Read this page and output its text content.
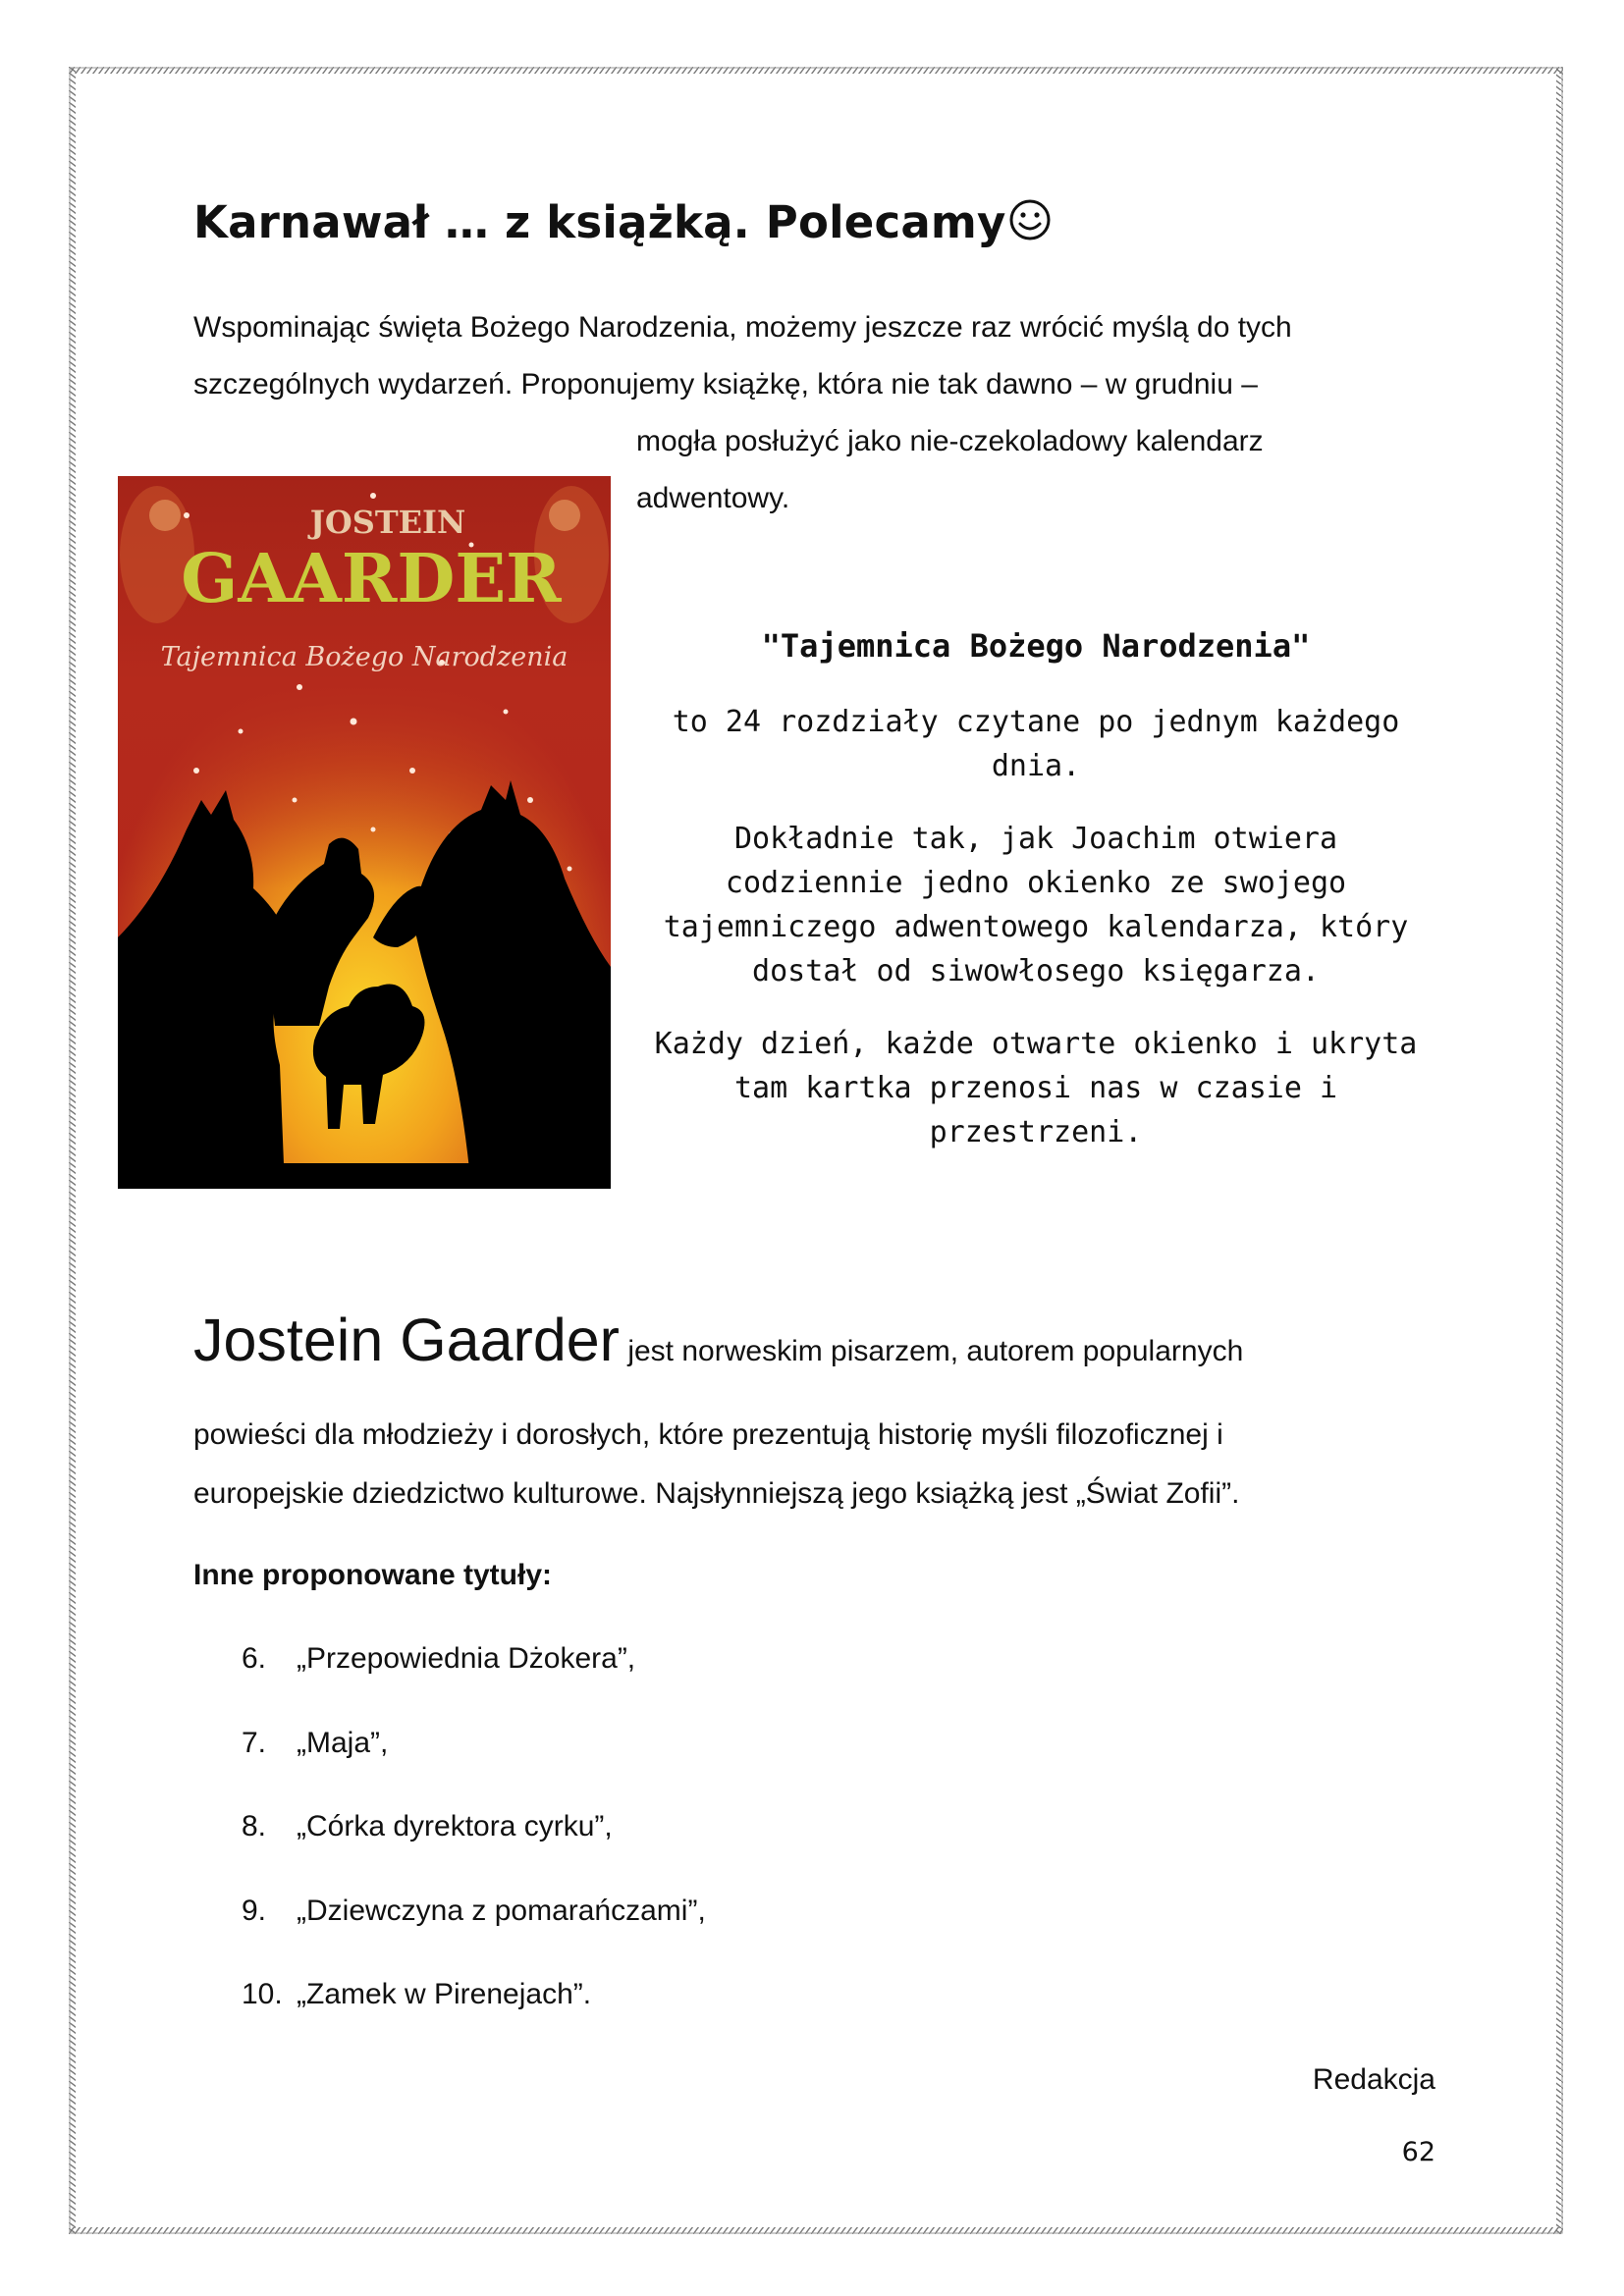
Karnawał … z książką. Polecamy
Wspominając święta Bożego Narodzenia, możemy jeszcze raz wrócić myślą do tych
szczególnych wydarzeń. Proponujemy książkę, która nie tak dawno – w grudniu –
mogła posłużyć jako nie-czekoladowy kalendarz
adwentowy.
JOSTEIN
GAARDER
Tajemnica Bożego Narodzenia	"Tajemnica Bożego Narodzenia"
to 24 rozdziały czytane po jednym każdego
dnia.
Dokładnie tak, jak Joachim otwiera
codziennie jedno okienko ze swojego
tajemniczego adwentowego kalendarza, który
dostał od siwowłosego księgarza.
Każdy dzień, każde otwarte okienko i ukryta
tam kartka przenosi nas w czasie i
przestrzeni.
Jostein Gaarder jest norweskim pisarzem, autorem popularnych
powieści dla młodzieży i dorosłych, które prezentują historię myśli filozoficznej i
europejskie dziedzictwo kulturowe. Najsłynniejszą jego książką jest „Świat Zofii”.
Inne proponowane tytuły:
6. „Przepowiednia Dżokera”,
7. „Maja”,
8. „Córka dyrektora cyrku”,
9. „Dziewczyna z pomarańczami”,
10. „Zamek w Pirenejach”.
Redakcja
62
